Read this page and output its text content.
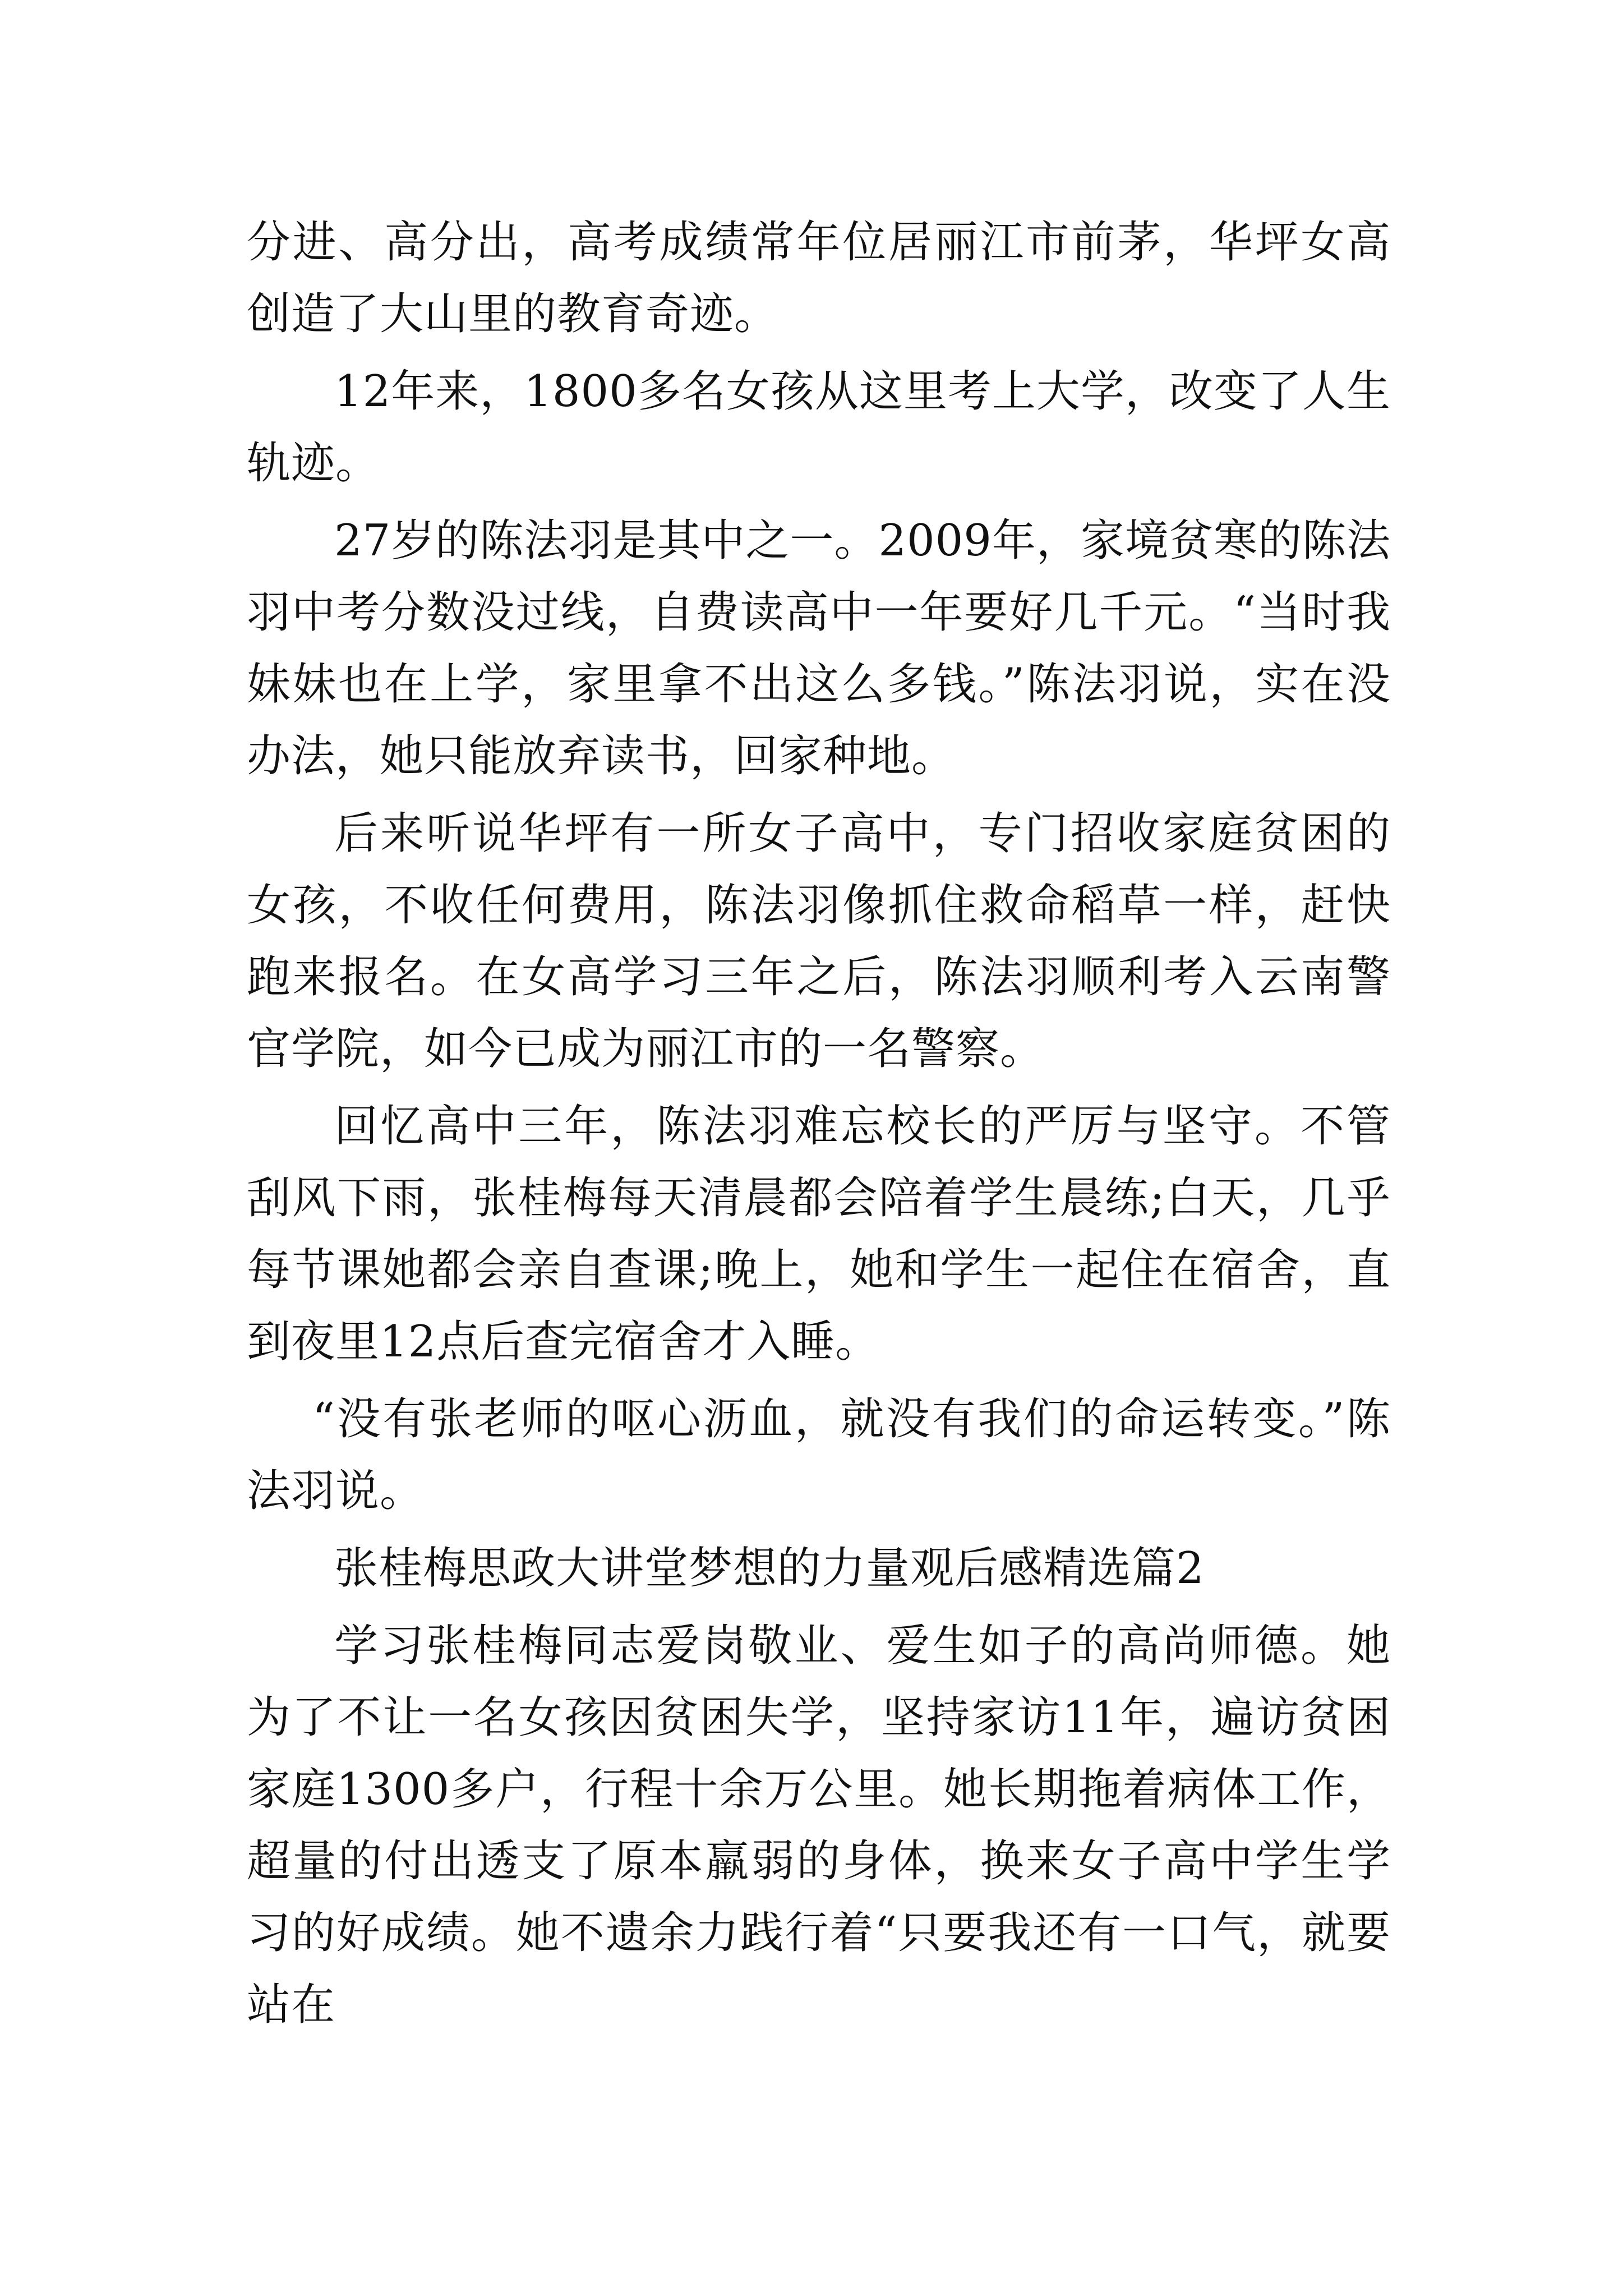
分进、高分出，高考成绩常年位居丽江市前茅，华坪女高创造了大山里的教育奇迹。

12年来，1800多名女孩从这里考上大学，改变了人生轨迹。

27岁的陈法羽是其中之一。2009年，家境贫寒的陈法羽中考分数没过线，自费读高中一年要好几千元。“当时我妹妹也在上学，家里拿不出这么多钱。”陈法羽说，实在没办法，她只能放弃读书，回家种地。

后来听说华坪有一所女子高中，专门招收家庭贫困的女孩，不收任何费用，陈法羽像抓住救命稻草一样，赶快跑来报名。在女高学习三年之后，陈法羽顺利考入云南警官学院，如今已成为丽江市的一名警察。

回忆高中三年，陈法羽难忘校长的严厉与坚守。不管刮风下雨，张桂梅每天清晨都会陪着学生晨练;白天，几乎每节课她都会亲自查课;晚上，她和学生一起住在宿舍，直到夜里12点后查完宿舍才入睡。

“没有张老师的呕心沥血，就没有我们的命运转变。”陈法羽说。

张桂梅思政大讲堂梦想的力量观后感精选篇2

学习张桂梅同志爱岗敬业、爱生如子的高尚师德。她为了不让一名女孩因贫困失学，坚持家访11年，遍访贫困家庭1300多户，行程十余万公里。她长期拖着病体工作，超量的付出透支了原本羸弱的身体，换来女子高中学生学习的好成绩。她不遗余力践行着“只要我还有一口气，就要站在
